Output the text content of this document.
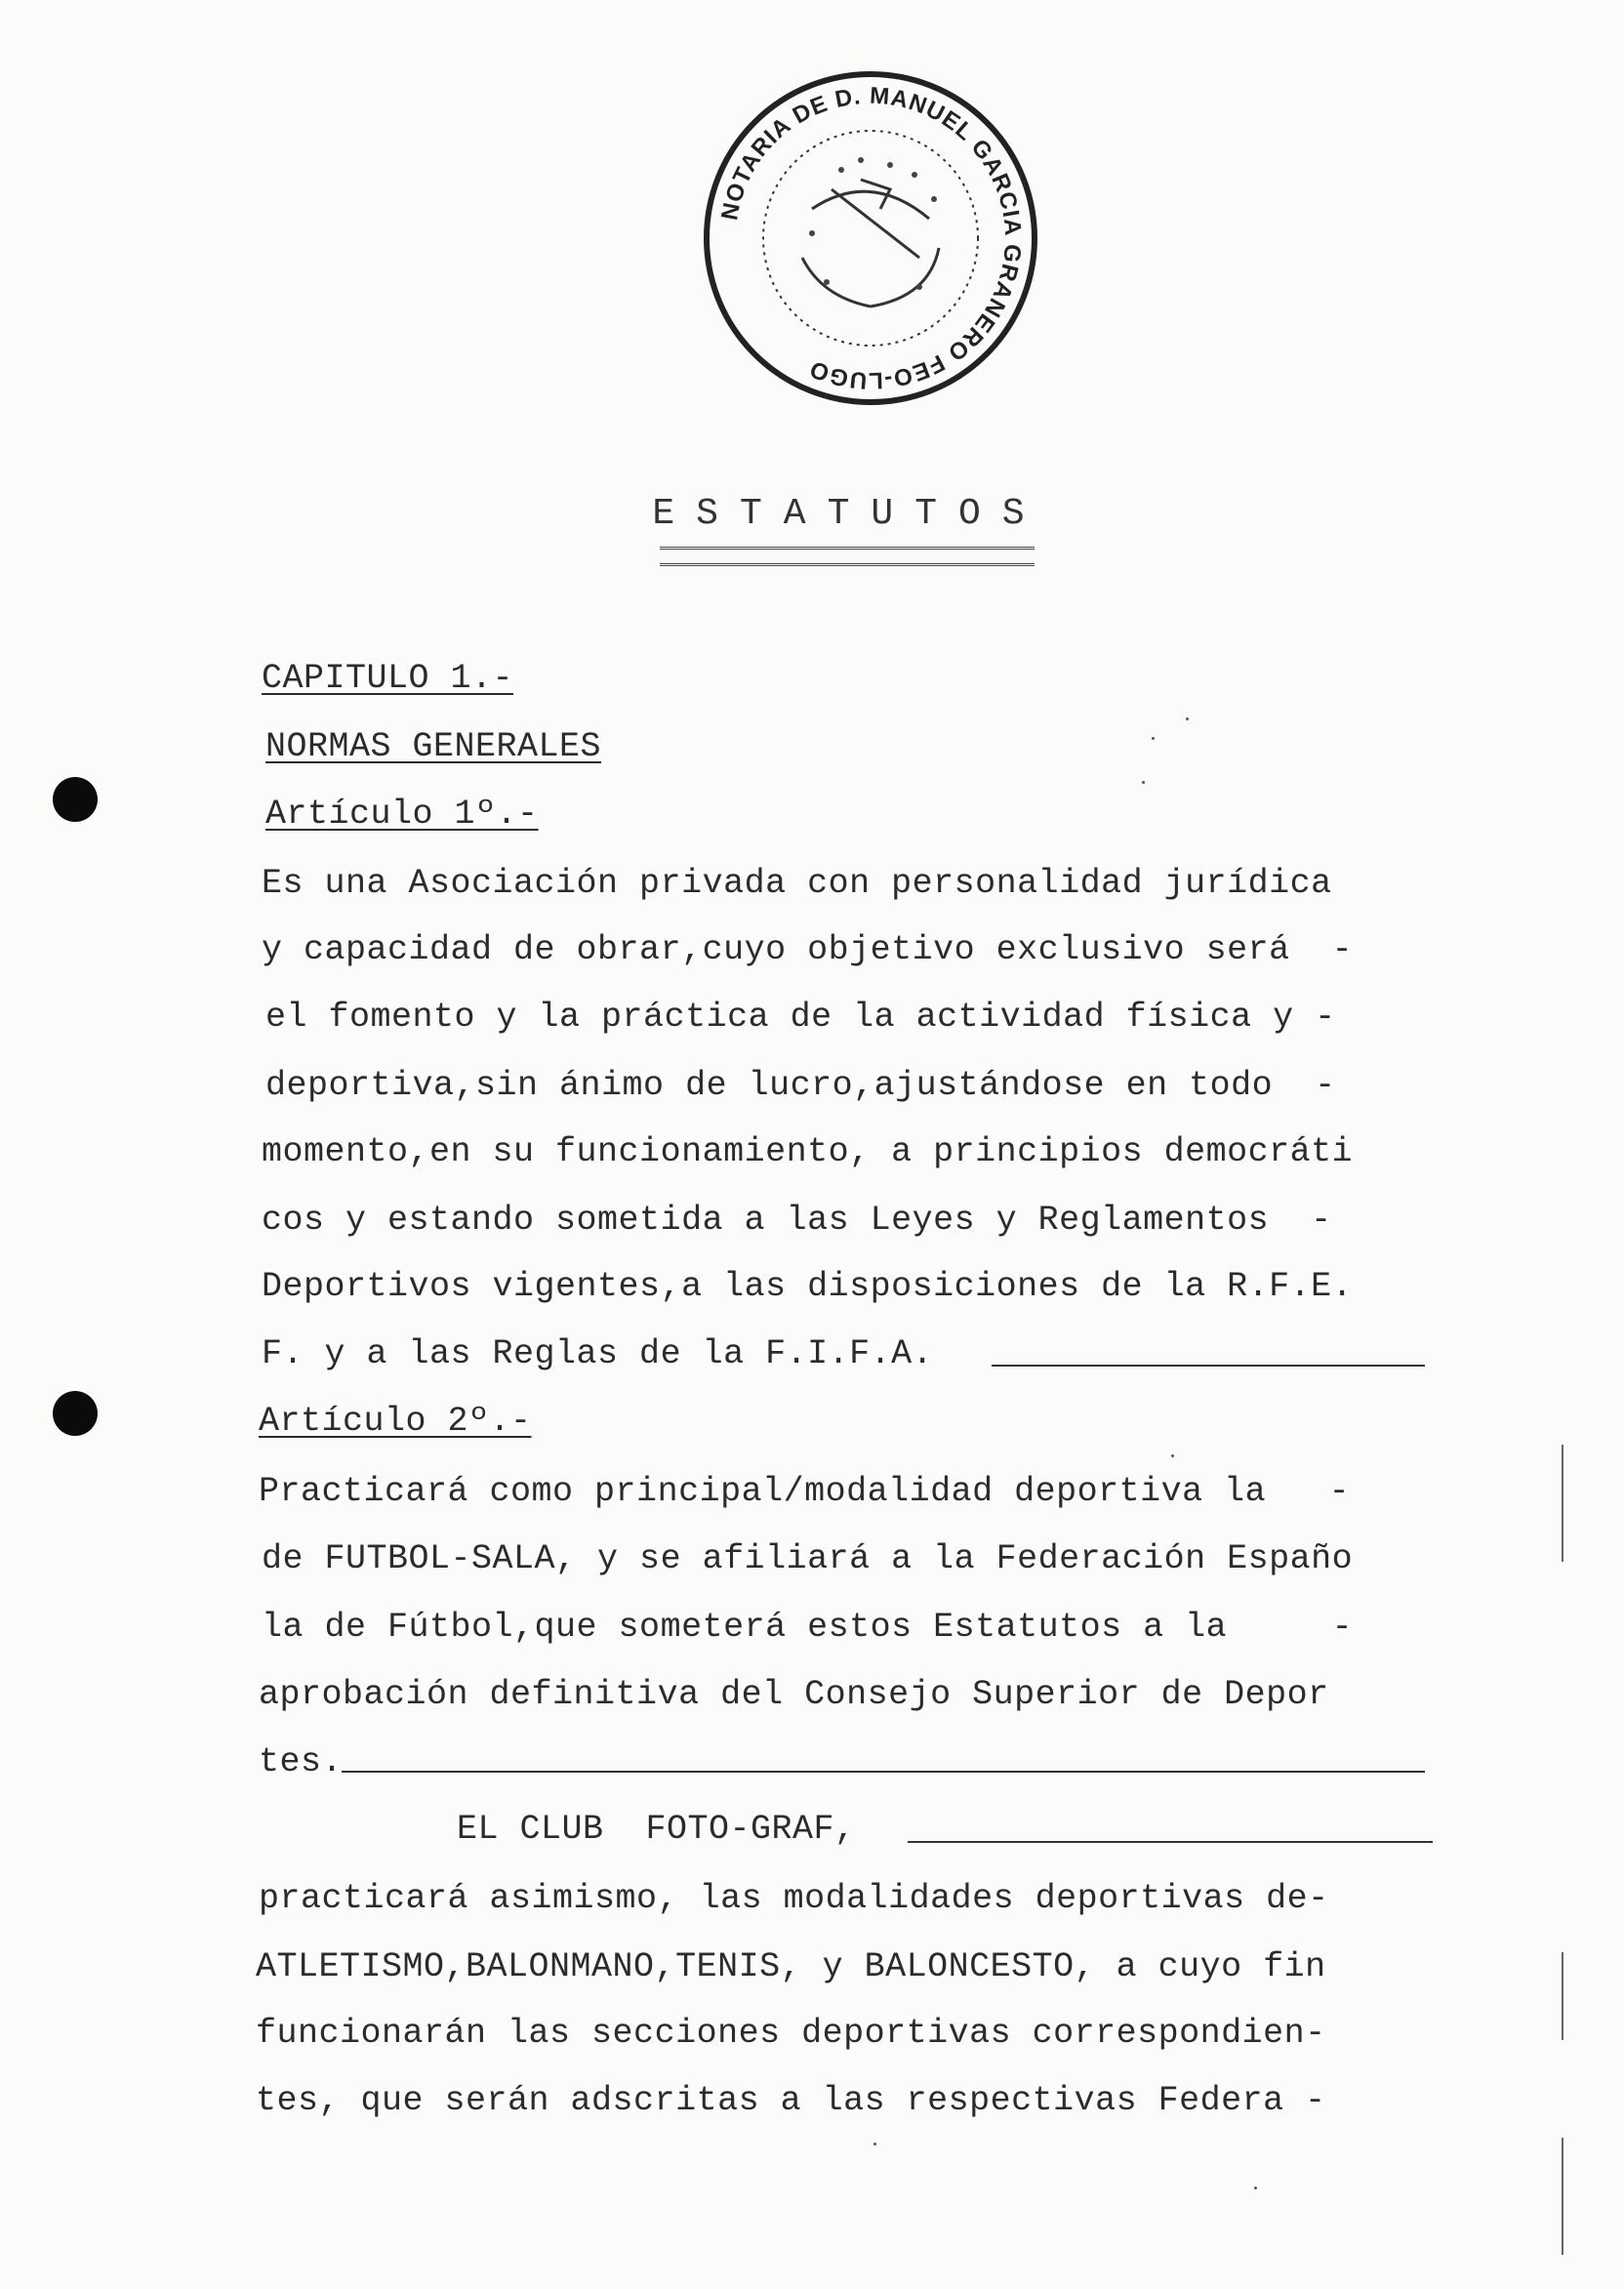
NOTARIA DE D. MANUEL GARCIA GRANERO FEO-LUGO
ESTATUTOS
CAPITULO 1.-
NORMAS GENERALES
Artículo 1º.-
Es una Asociación privada con personalidad jurídica
y capacidad de obrar,cuyo objetivo exclusivo será  -
el fomento y la práctica de la actividad física y -
deportiva,sin ánimo de lucro,ajustándose en todo  -
momento,en su funcionamiento, a principios democráti
cos y estando sometida a las Leyes y Reglamentos  -
Deportivos vigentes,a las disposiciones de la R.F.E.
F. y a las Reglas de la F.I.F.A.
Artículo 2º.-
Practicará como principal/modalidad deportiva la   -
de FUTBOL-SALA, y se afiliará a la Federación Españo
la de Fútbol,que someterá estos Estatutos a la     -
aprobación definitiva del Consejo Superior de Depor
tes.
EL CLUB  FOTO-GRAF,
practicará asimismo, las modalidades deportivas de-
ATLETISMO,BALONMANO,TENIS, y BALONCESTO, a cuyo fin
funcionarán las secciones deportivas correspondien-
tes, que serán adscritas a las respectivas Federa -
